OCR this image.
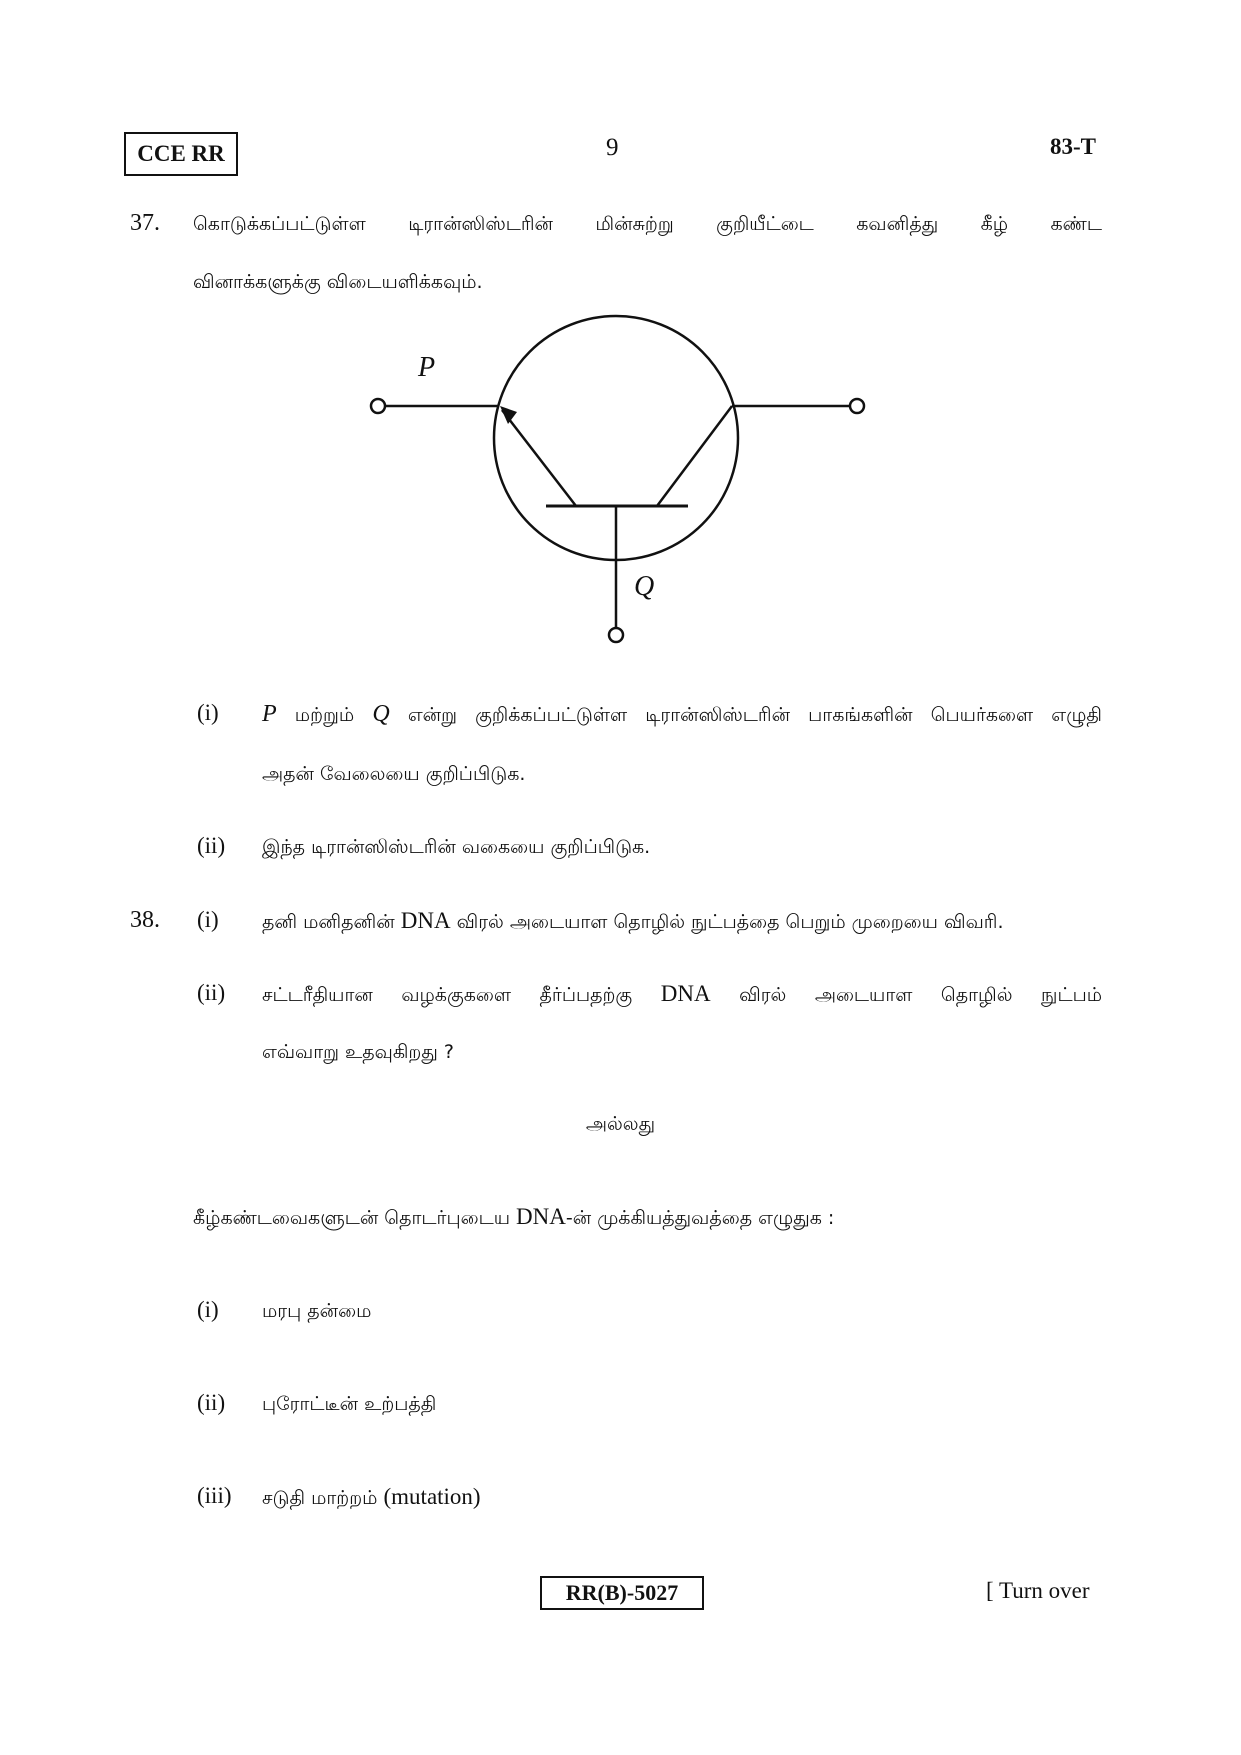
CCE RR	9	83-T
37. கொடுக்கப்பட்டுள்ள டிரான்ஸிஸ்டரின் மின்சுற்று குறியீட்டை கவனித்து கீழ் கண்ட
வினாக்களுக்கு விடையளிக்கவும்.
P
Q
(i) P மற்றும் Q என்று குறிக்கப்பட்டுள்ள டிரான்ஸிஸ்டரின் பாகங்களின் பெயர்களை எழுதி
அதன் வேலையை குறிப்பிடுக.
(ii) இந்த டிரான்ஸிஸ்டரின் வகையை குறிப்பிடுக.
38. (i) தனி மனிதனின் DNA விரல் அடையாள தொழில் நுட்பத்தை பெறும் முறையை விவரி.
(ii) சட்டரீதியான வழக்குகளை தீர்ப்பதற்கு DNA விரல் அடையாள தொழில் நுட்பம்
எவ்வாறு உதவுகிறது ?
அல்லது
கீழ்கண்டவைகளுடன் தொடர்புடைய DNA-ன் முக்கியத்துவத்தை எழுதுக :
(i) மரபு தன்மை
(ii) புரோட்டீன் உற்பத்தி
(iii) சடுதி மாற்றம் (mutation)
RR(B)-5027	[ Turn over
